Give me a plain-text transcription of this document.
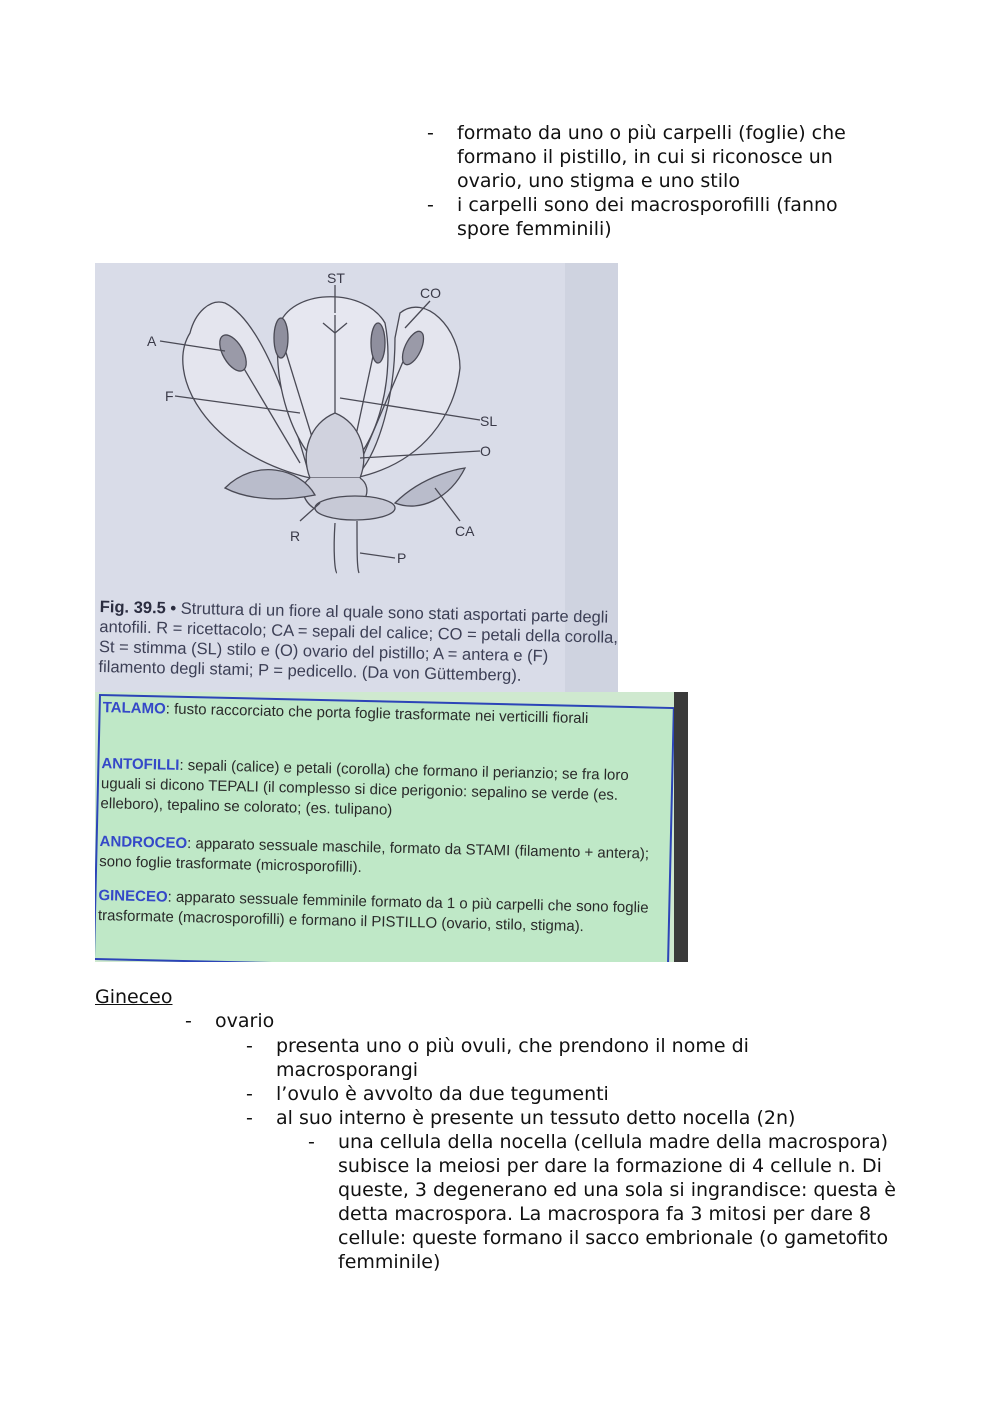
- formato da uno o più carpelli (foglie) che formano il pistillo, in cui si riconosce un ovario, uno stigma e uno stilo
- i carpelli sono dei macrosporofilli (fanno spore femminili)
ST
CO
A
F
SL
O
R	CA
P
Fig. 39.5 • Struttura di un fiore al quale sono stati asportati parte degli antofili. R = ricettacolo; CA = sepali del calice; CO = petali della corolla, St = stimma (SL) stilo e (O) ovario del pistillo; A = antera e (F) filamento degli stami; P = pedicello. (Da von Güttemberg).
TALAMO: fusto raccorciato che porta foglie trasformate nei verticilli fiorali
ANTOFILLI: sepali (calice) e petali (corolla) che formano il perianzio; se fra loro uguali si dicono TEPALI (il complesso si dice perigonio: sepalino se verde (es. elleboro), tepalino se colorato; (es. tulipano)
ANDROCEO: apparato sessuale maschile, formato da STAMI (filamento + antera); sono foglie trasformate (microsporofilli).
GINECEO: apparato sessuale femminile formato da 1 o più carpelli che sono foglie trasformate (macrosporofilli) e formano il PISTILLO (ovario, stilo, stigma).
Gineceo
- ovario
- presenta uno o più ovuli, che prendono il nome di macrosporangi
- l’ovulo è avvolto da due tegumenti
- al suo interno è presente un tessuto detto nocella (2n)
- una cellula della nocella (cellula madre della macrospora) subisce la meiosi per dare la formazione di 4 cellule n. Di queste, 3 degenerano ed una sola si ingrandisce: questa è detta macrospora. La macrospora fa 3 mitosi per dare 8 cellule: queste formano il sacco embrionale (o gametofito femminile)
